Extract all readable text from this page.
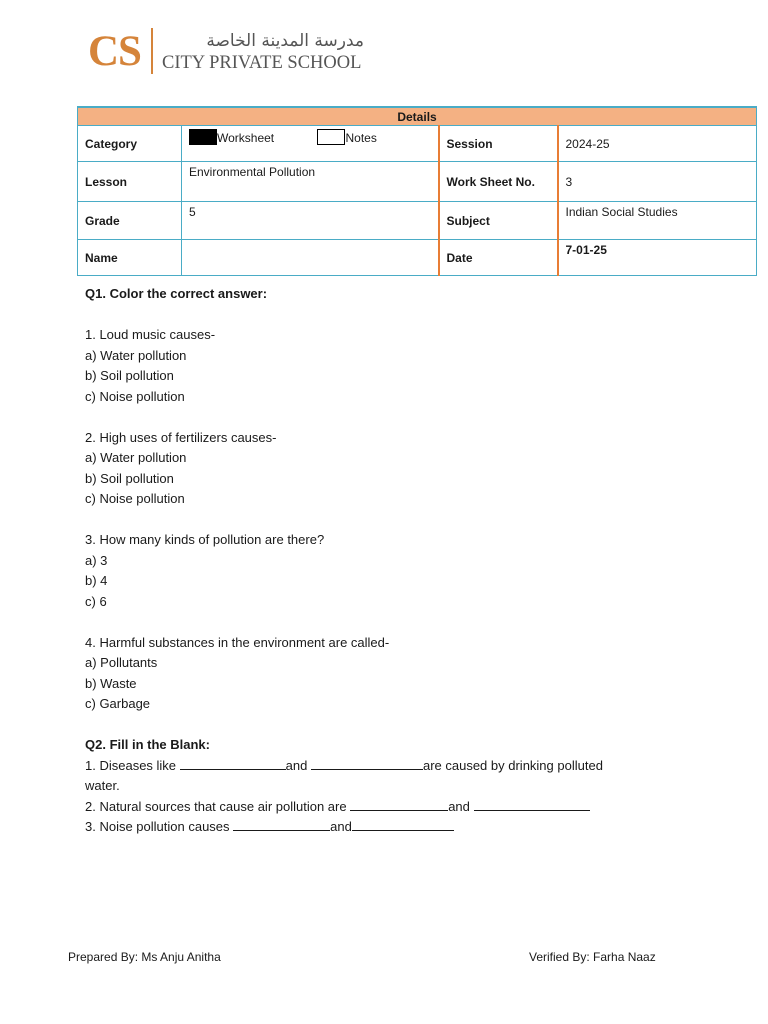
CS	مدرسة المدينة الخاصة
CITY PRIVATE SCHOOL
Details			
Category	Worksheet Notes	Session	2024-25
Lesson	Environmental Pollution	Work Sheet No.	3
Grade	5	Subject	Indian Social Studies
Name		Date	7-01-25

Q1. Color the correct answer:

1. Loud music causes-

a) Water pollution

b) Soil pollution

c) Noise pollution

2. High uses of fertilizers causes-

a) Water pollution

b) Soil pollution

c) Noise pollution

3. How many kinds of pollution are there?

a) 3

b) 4

c) 6

4. Harmful substances in the environment are called-

a) Pollutants

b) Waste

c) Garbage

Q2. Fill in the Blank:

1. Diseases like	and	are caused by drinking polluted

water.

2. Natural sources that cause air pollution are	and

3. Noise pollution causes	and

Prepared By: Ms Anju Anitha	Verified By: Farha Naaz
